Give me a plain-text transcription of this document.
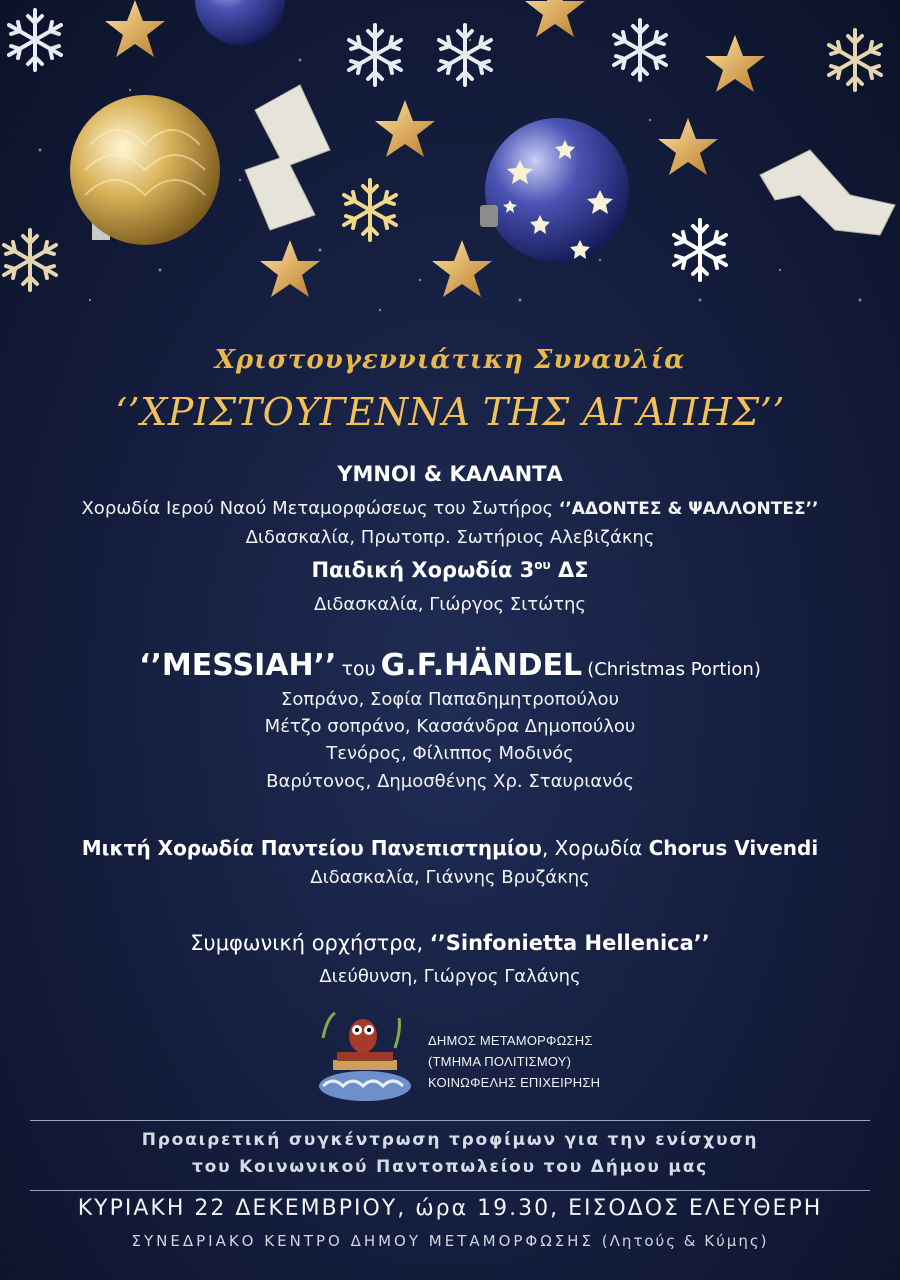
Χριστουγεννιάτικη Συναυλία
‘’ΧΡΙΣΤΟΥΓΕΝΝΑ ΤΗΣ ΑΓΑΠΗΣ’’
ΥΜΝΟΙ & ΚΑΛΑΝΤΑ
Χορωδία Ιερού Ναού Μεταμορφώσεως του Σωτήρος ‘’ΑΔΟΝΤΕΣ & ΨΑΛΛΟΝΤΕΣ’’
Διδασκαλία, Πρωτοπρ. Σωτήριος Αλεβιζάκης
Παιδική Χορωδία $3^{o\upsilon}$ ΔΣ
Διδασκαλία, Γιώργος Σιτώτης
‘’MESSIAH’’ του G.F.HÄNDEL (Christmas Portion)
Σοπράνο, Σοφία Παπαδημητροπούλου
Μέτζο σοπράνο, Κασσάνδρα Δημοπούλου
Τενόρος, Φίλιππος Μοδινός
Βαρύτονος, Δημοσθένης Χρ. Σταυριανός
Μικτή Χορωδία Παντείου Πανεπιστημίου, Χορωδία Chorus Vivendi
Διδασκαλία, Γιάννης Βρυζάκης
Συμφωνική ορχήστρα, ‘’Sinfonietta Hellenica’’
Διεύθυνση, Γιώργος Γαλάνης
ΔΗΜΟΣ ΜΕΤΑΜΟΡΦΩΣΗΣ
(ΤΜΗΜΑ ΠΟΛΙΤΙΣΜΟΥ)
ΚΟΙΝΩΦΕΛΗΣ ΕΠΙΧΕΙΡΗΣΗ
Προαιρετική συγκέντρωση τροφίμων για την ενίσχυση
του Κοινωνικού Παντοπωλείου του Δήμου μας
ΚΥΡΙΑΚΗ 22 ΔΕΚΕΜΒΡΙΟΥ, ώρα 19.30, ΕΙΣΟΔΟΣ ΕΛΕΥΘΕΡΗ
ΣΥΝΕΔΡΙΑΚΟ ΚΕΝΤΡΟ ΔΗΜΟΥ ΜΕΤΑΜΟΡΦΩΣΗΣ (Λητούς & Κύμης)
